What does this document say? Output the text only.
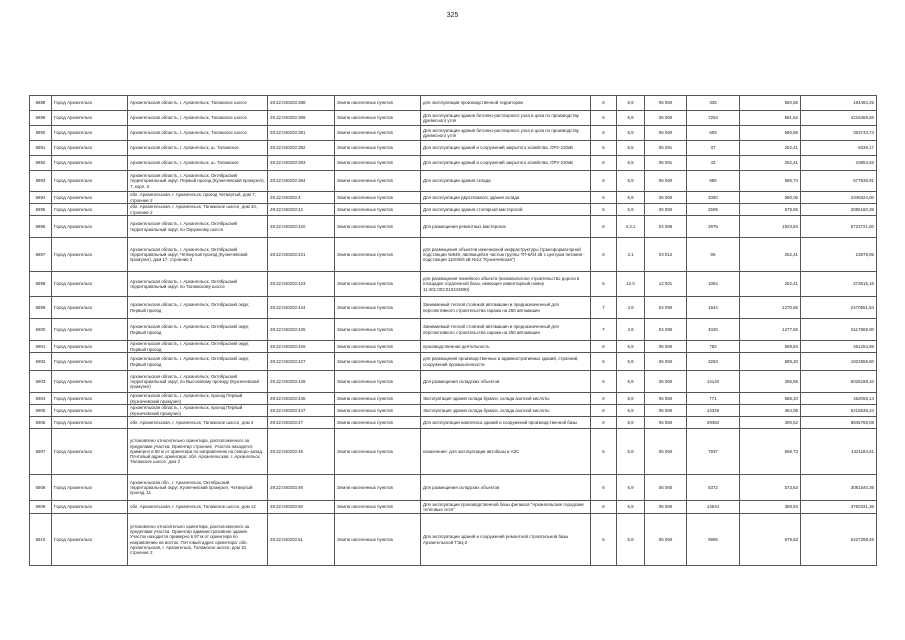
325
6888	Город Архангельск	Архангельская область, г. Архангельск, Талажское шоссе	29:22:040203:388	Земли населенных пунктов	для эксплуатации производственной территории	6	6,9	06 060	335	560,56	194484,25
6889	Город Архангельск	Архангельская область, г. Архангельск, Талажское шоссе	29:22:040203:389	Земли населенных пунктов	Для эксплуатации здания бетонно-растворного узла и цеха по производству древесного угля	6	6,9	06 060	7253	581,62	4218469,66
6890	Город Архангельск	Архангельская область, г. Архангельск, Талажское шоссе	29:22:040203:391	Земли населенных пунктов	Для эксплуатации здания бетонно-растворного узла и цеха по производству древесного угля	6	6,9	06 060	609	580,86	353743,74
6891	Город Архангельск	Архангельская область, г. Архангельск, ш. Талажское	29:22:040203:392	Земли населенных пунктов	Для эксплуатации зданий и сооружений закрытого хозяйства, ОРУ-220кВ	6	6,5	06 091	37	252,41	9339,17
6892	Город Архангельск	Архангельская область, г. Архангельск, ш. Талажское	29:22:040203:393	Земли населенных пунктов	Для эксплуатации зданий и сооружений закрытого хозяйства, ОРУ-220кВ	6	6,5	06 091	43	252,41	10853,63
6893	Город Архангельск	Архангельская область, г. Архангельск, Октябрьский территориальный округ, Первый проезд (Кузнечевский промузел), 7, корп. 3	29:22:040203:394	Земли населенных пунктов	Для эксплуатации здания склада	6	6,9	06 060	985	586,74	577938,91
6894	Город Архангельск	обл. Архангельская, г. Архангельск, проезд Четвертый, дом 7, строение 2	29:22:040203:4	Земли населенных пунктов	Для эксплуатации двухэтажного здания склада	6	6,9	06 060	4050	580,06	2349324,00
6895	Город Архангельск	обл. Архангельская, г. Архангельск, Талажское шоссе, дом 10, строение 2	29:22:040203:42	Земли населенных пунктов	Для эксплуатации здания столярной мастерской	6	6,9	06 060	2599	579,65	2086160,35
6896	Город Архангельск	Архангельская область, г. Архангельск, Октябрьский территориальный округ, по Окружному шоссе	29:22:040203:420	Земли населенных пунктов	Для размещения ремонтных мастерских	6	4.3.1	04 096	2975	1923,84	5723721,50
6897	Город Архангельск	Архангельская область, г. Архангельск, Октябрьский территориальный округ, Четвертый проезд (Кузнечевский промузел), дом 17, строение 2	29:22:040203:421	Земли населенных пунктов	для размещения объектов инженерной инфраструктуры (трансформаторной подстанции №849, являющейся частью группы ТП-6/04 кВ с центром питания - подстанция 110/35/6 кВ №12 "Кузнечевская")	6	3.1	03 012	95	252,41	23978,95
6898	Город Архангельск	Архангельская область, г. Архангельск, Октябрьский территориальный округ, по Талажскому шоссе	29:22:040203:423	Земли населенных пунктов	для размещения линейного объекта (низковольтное строительство дороги в площадке отдаленной базы, имеющее инвентарный номер 11:401:002:010242590)	6	12.0	12 001	1084	252,41	273615,16
6899	Город Архангельск	Архангельская область, г. Архангельск, Октябрьский округ, Первый проезд	29:22:040203:424	Земли населенных пунктов	Занимаемый теплой стоянкой автомашин и предназначенный для перспективного строительства гаража на 250 автомашин	7	4.9	04 090	1944	1270,66	2470551,84
6900	Город Архангельск	Архангельская область, г. Архангельск, Октябрьский округ, Первый проезд	29:22:040203:425	Земли населенных пунктов	Занимаемый теплой стоянкой автомашин и предназначенный для перспективного строительства гаража на 250 автомашин	7	4.9	04 090	4026	1277,50	5117559,00
6901	Город Архангельск	Архангельская область, г. Архангельск, Октябрьский округ, Первый проезд	29:22:040203:426	Земли населенных пунктов	производственная деятельность	6	6,9	06 060	782	589,84	461254,88
6902	Город Архангельск	Архангельская область, г. Архангельск, Октябрьский округ, Первый проезд	29:22:040203:427	Земли населенных пунктов	для размещения производственных и административных зданий, строений, сооружений промышленности	6	6,9	06 060	3263	589,20	1922559,60
6903	Город Архангельск	Архангельская область, г. Архангельск, Октябрьский территориальный округ, по Высоковому проезду (Кузнечевский промузел)	29:22:040203:428	Земли населенных пунктов	Для размещения складских объектов	6	6,9	06 060	14140	356,55	5028188,10
6904	Город Архангельск	Архангельская область, г. Архангельск, проезд Первый (Кузнечевский промузел)	29:22:040203:446	Земли населенных пунктов	Эксплуатация здания склада бумаги, склада азотной кислоты	6	6,9	06 060	771	586,34	452068,14
6905	Город Архангельск	Архангельская область, г. Архангельск, проезд Первый (Кузнечевский промузел)	29:22:040203:447	Земли населенных пунктов	Эксплуатация здания склада бумаги, склада азотной кислоты	6	6,9	06 060	14328	364,08	5216538,24
6906	Город Архангельск	обл. Архангельская, г. Архангельск, Талажское шоссе, дом 4	29:22:040203:47	Земли населенных пунктов	Для эксплуатации комплекса зданий и сооружений производственной базы	6	6,9	06 060	29484	300,62	8845768,08
6907	Город Архангельск	установлено относительно ориентира, расположенного за пределами участка. Ориентир строение. Участок находится примерно в 50 м от ориентира по направлению на северо-запад. Почтовый адрес ориентира: обл. Архангельская, г. Архангельск, Талажское шоссе, дом 2	29:22:040203:48	Земли населенных пунктов	назначение: для эксплуатации автобазы и АЗС	6	6,9	06 060	7937	569,73	4421184,61
6908	Город Архангельск	Архангельская обл., г. Архангельск, Октябрьский территориальный округ, Кузнечевский промузел, Четвертый проезд, 11	29:22:040203:49	Земли населенных пунктов	Для размещения складских объектов	6	6,9	06 060	5372	573,63	3081540,36
6909	Город Архангельск	обл. Архангельская, г. Архангельск, Талажское шоссе, дом 12	29:22:040203:50	Земли населенных пунктов	Для эксплуатации производственной базы филиала "Архангельские городские тепловые сети"	6	6,9	06 060	14544	358,94	3750331,36
6910	Город Архангельск	установлено относительно ориентира, расположенного за пределами участка. Ориентир административное здание. Участок находится примерно в 97 м от ориентира по направлению на восток. Почтовый адрес ориентира: обл. Архангельская, г. Архангельск, Талажское шоссе, дом 10, строение 2	29:22:040203:51	Земли населенных пунктов	Для эксплуатации зданий и сооружений ремонтной строительной базы Архангельской ТЭЦ-2	6	6,9	06 060	9955	579,53	5427298,45
